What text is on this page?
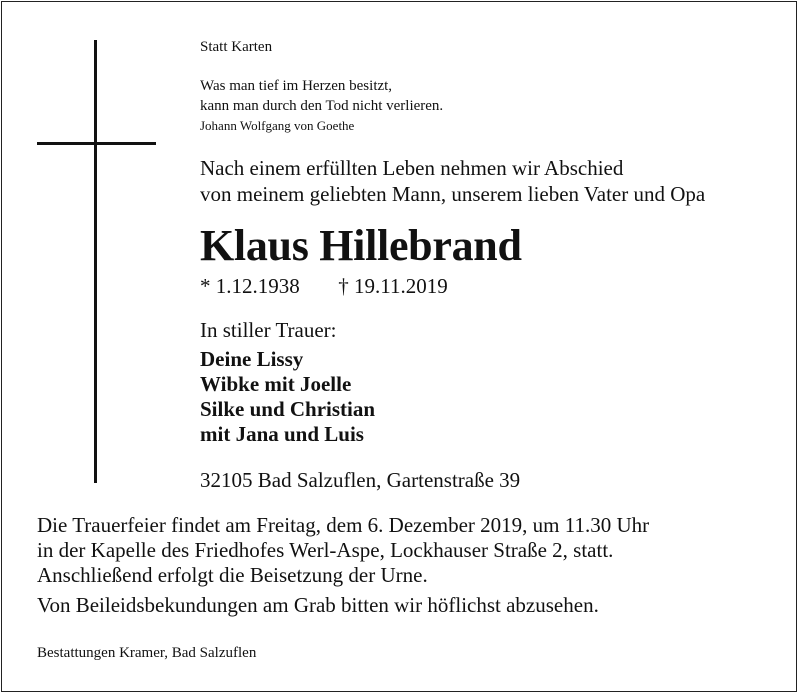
Statt Karten
Was man tief im Herzen besitzt,
kann man durch den Tod nicht verlieren.
Johann Wolfgang von Goethe
Nach einem erfüllten Leben nehmen wir Abschied
von meinem geliebten Mann, unserem lieben Vater und Opa
Klaus Hillebrand
* 1.12.1938 † 19.11.2019
In stiller Trauer:
Deine Lissy
Wibke mit Joelle
Silke und Christian
mit Jana und Luis
32105 Bad Salzuflen, Gartenstraße 39
Die Trauerfeier findet am Freitag, dem 6. Dezember 2019, um 11.30 Uhr
in der Kapelle des Friedhofes Werl-Aspe, Lockhauser Straße 2, statt.
Anschließend erfolgt die Beisetzung der Urne.
Von Beileidsbekundungen am Grab bitten wir höflichst abzusehen.
Bestattungen Kramer, Bad Salzuflen
